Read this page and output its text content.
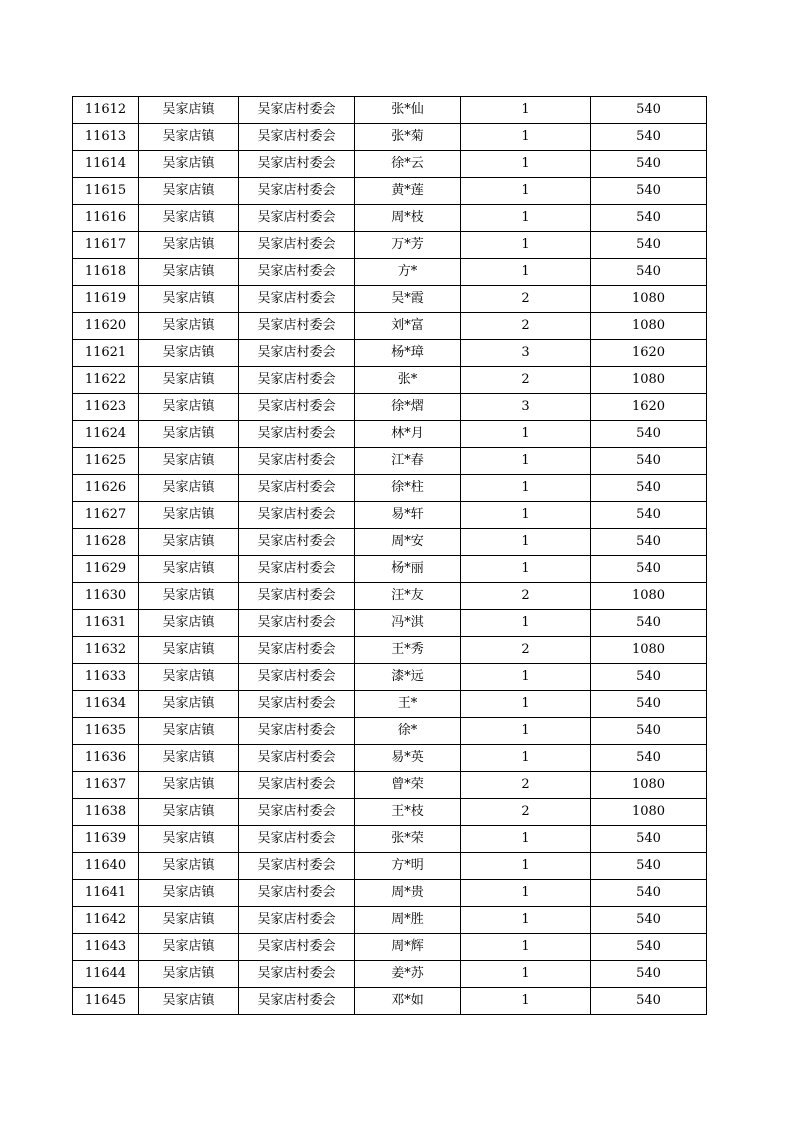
11612	吴家店镇	吴家店村委会	张*仙	1	540
11613	吴家店镇	吴家店村委会	张*菊	1	540
11614	吴家店镇	吴家店村委会	徐*云	1	540
11615	吴家店镇	吴家店村委会	黄*莲	1	540
11616	吴家店镇	吴家店村委会	周*枝	1	540
11617	吴家店镇	吴家店村委会	万*芳	1	540
11618	吴家店镇	吴家店村委会	方*	1	540
11619	吴家店镇	吴家店村委会	吴*霞	2	1080
11620	吴家店镇	吴家店村委会	刘*富	2	1080
11621	吴家店镇	吴家店村委会	杨*璋	3	1620
11622	吴家店镇	吴家店村委会	张*	2	1080
11623	吴家店镇	吴家店村委会	徐*熠	3	1620
11624	吴家店镇	吴家店村委会	林*月	1	540
11625	吴家店镇	吴家店村委会	江*春	1	540
11626	吴家店镇	吴家店村委会	徐*柱	1	540
11627	吴家店镇	吴家店村委会	易*轩	1	540
11628	吴家店镇	吴家店村委会	周*安	1	540
11629	吴家店镇	吴家店村委会	杨*丽	1	540
11630	吴家店镇	吴家店村委会	汪*友	2	1080
11631	吴家店镇	吴家店村委会	冯*淇	1	540
11632	吴家店镇	吴家店村委会	王*秀	2	1080
11633	吴家店镇	吴家店村委会	漆*远	1	540
11634	吴家店镇	吴家店村委会	王*	1	540
11635	吴家店镇	吴家店村委会	徐*	1	540
11636	吴家店镇	吴家店村委会	易*英	1	540
11637	吴家店镇	吴家店村委会	曾*荣	2	1080
11638	吴家店镇	吴家店村委会	王*枝	2	1080
11639	吴家店镇	吴家店村委会	张*荣	1	540
11640	吴家店镇	吴家店村委会	方*明	1	540
11641	吴家店镇	吴家店村委会	周*贵	1	540
11642	吴家店镇	吴家店村委会	周*胜	1	540
11643	吴家店镇	吴家店村委会	周*辉	1	540
11644	吴家店镇	吴家店村委会	姜*苏	1	540
11645	吴家店镇	吴家店村委会	邓*如	1	540
